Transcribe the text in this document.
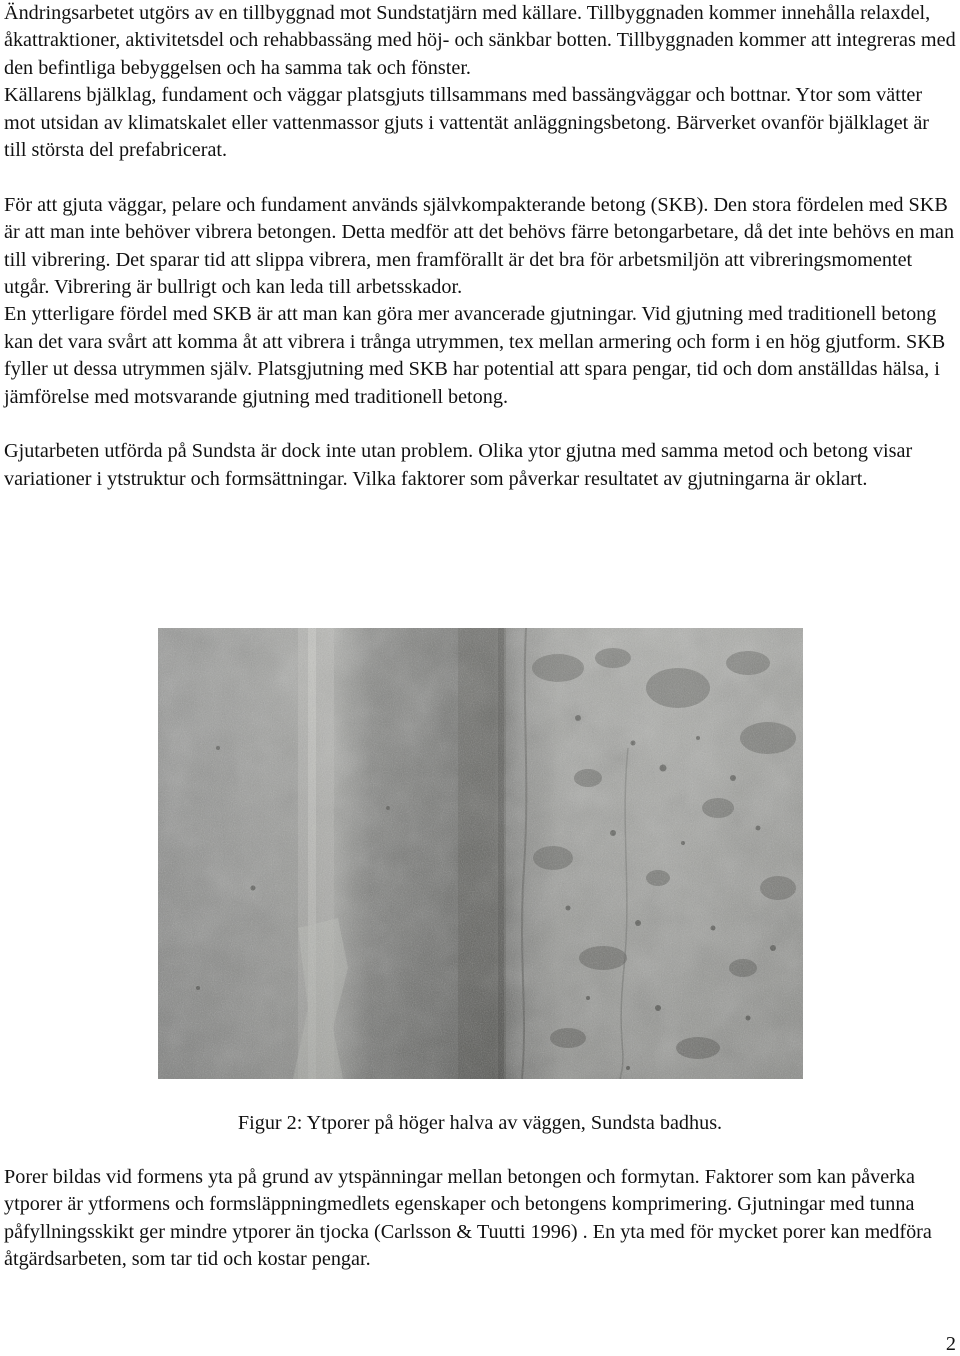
Ändringsarbetet utgörs av en tillbyggnad mot Sundstatjärn med källare. Tillbyggnaden kommer innehålla relaxdel, åkattraktioner, aktivitetsdel och rehabbassäng med höj- och sänkbar botten. Tillbyggnaden kommer att integreras med den befintliga bebyggelsen och ha samma tak och fönster.

Källarens bjälklag, fundament och väggar platsgjuts tillsammans med bassängväggar och bottnar. Ytor som vätter mot utsidan av klimatskalet eller vattenmassor gjuts i vattentät anläggningsbetong. Bärverket ovanför bjälklaget är till största del prefabricerat.

För att gjuta väggar, pelare och fundament används självkompakterande betong (SKB). Den stora fördelen med SKB är att man inte behöver vibrera betongen. Detta medför att det behövs färre betongarbetare, då det inte behövs en man till vibrering. Det sparar tid att slippa vibrera, men framförallt är det bra för arbetsmiljön att vibreringsmomentet utgår. Vibrering är bullrigt och kan leda till arbetsskador.

En ytterligare fördel med SKB är att man kan göra mer avancerade gjutningar. Vid gjutning med traditionell betong kan det vara svårt att komma åt att vibrera i trånga utrymmen, tex mellan armering och form i en hög gjutform. SKB fyller ut dessa utrymmen själv. Platsgjutning med SKB har potential att spara pengar, tid och dom anställdas hälsa, i jämförelse med motsvarande gjutning med traditionell betong.

Gjutarbeten utförda på Sundsta är dock inte utan problem. Olika ytor gjutna med samma metod och betong visar variationer i ytstruktur och formsättningar. Vilka faktorer som påverkar resultatet av gjutningarna är oklart.

Figur 2: Ytporer på höger halva av väggen, Sundsta badhus.

Porer bildas vid formens yta på grund av ytspänningar mellan betongen och formytan. Faktorer som kan påverka ytporer är ytformens och formsläppningmedlets egenskaper och betongens komprimering. Gjutningar med tunna påfyllningsskikt ger mindre ytporer än tjocka (Carlsson & Tuutti 1996) . En yta med för mycket porer kan medföra åtgärdsarbeten, som tar tid och kostar pengar.

2
